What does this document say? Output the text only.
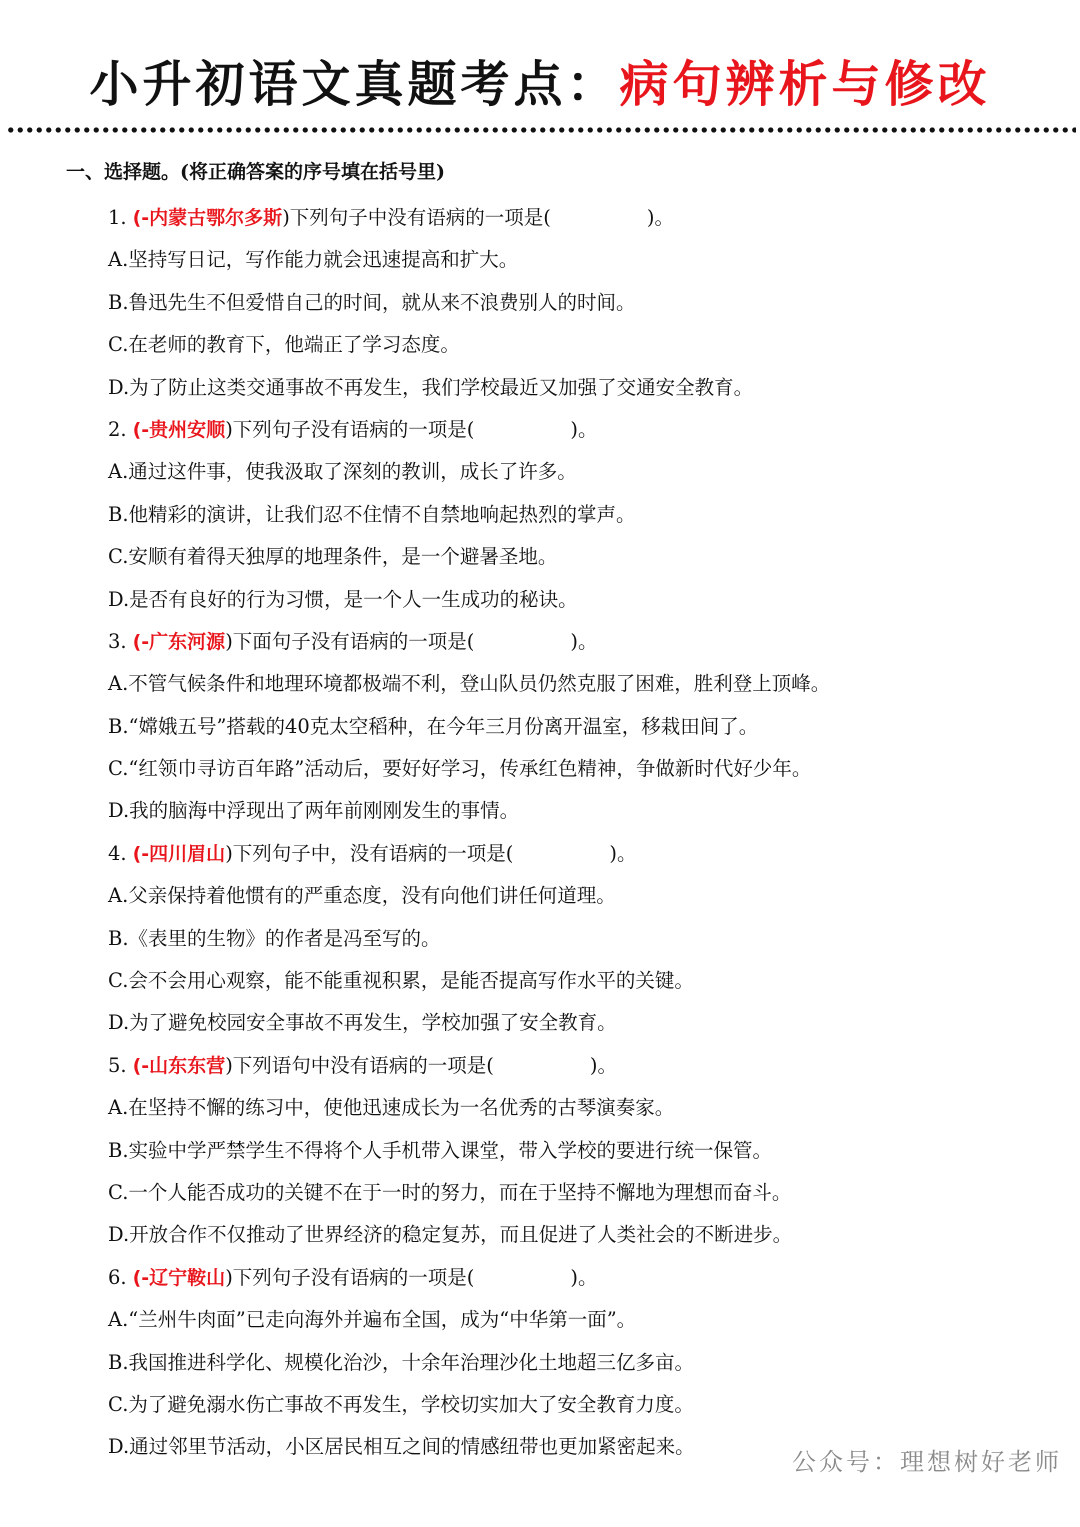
小升初语文真题考点：病句辨析与修改
一、选择题。(将正确答案的序号填在括号里)
1. (-内蒙古鄂尔多斯)下列句子中没有语病的一项是(	)。
A.坚持写日记，写作能力就会迅速提高和扩大。
B.鲁迅先生不但爱惜自己的时间，就从来不浪费别人的时间。
C.在老师的教育下，他端正了学习态度。
D.为了防止这类交通事故不再发生，我们学校最近又加强了交通安全教育。
2. (-贵州安顺)下列句子没有语病的一项是(	)。
A.通过这件事，使我汲取了深刻的教训，成长了许多。
B.他精彩的演讲，让我们忍不住情不自禁地响起热烈的掌声。
C.安顺有着得天独厚的地理条件，是一个避暑圣地。
D.是否有良好的行为习惯，是一个人一生成功的秘诀。
3. (-广东河源)下面句子没有语病的一项是(	)。
A.不管气候条件和地理环境都极端不利，登山队员仍然克服了困难，胜利登上顶峰。
B.“嫦娥五号”搭载的40克太空稻种，在今年三月份离开温室，移栽田间了。
C.“红领巾寻访百年路”活动后，要好好学习，传承红色精神，争做新时代好少年。
D.我的脑海中浮现出了两年前刚刚发生的事情。
4. (-四川眉山)下列句子中，没有语病的一项是(	)。
A.父亲保持着他惯有的严重态度，没有向他们讲任何道理。
B.《表里的生物》的作者是冯至写的。
C.会不会用心观察，能不能重视积累，是能否提高写作水平的关键。
D.为了避免校园安全事故不再发生，学校加强了安全教育。
5. (-山东东营)下列语句中没有语病的一项是(	)。
A.在坚持不懈的练习中，使他迅速成长为一名优秀的古琴演奏家。
B.实验中学严禁学生不得将个人手机带入课堂，带入学校的要进行统一保管。
C.一个人能否成功的关键不在于一时的努力，而在于坚持不懈地为理想而奋斗。
D.开放合作不仅推动了世界经济的稳定复苏，而且促进了人类社会的不断进步。
6. (-辽宁鞍山)下列句子没有语病的一项是(	)。
A.“兰州牛肉面”已走向海外并遍布全国，成为“中华第一面”。
B.我国推进科学化、规模化治沙，十余年治理沙化土地超三亿多亩。
C.为了避免溺水伤亡事故不再发生，学校切实加大了安全教育力度。
D.通过邻里节活动，小区居民相互之间的情感纽带也更加紧密起来。
公众号：理想树好老师
